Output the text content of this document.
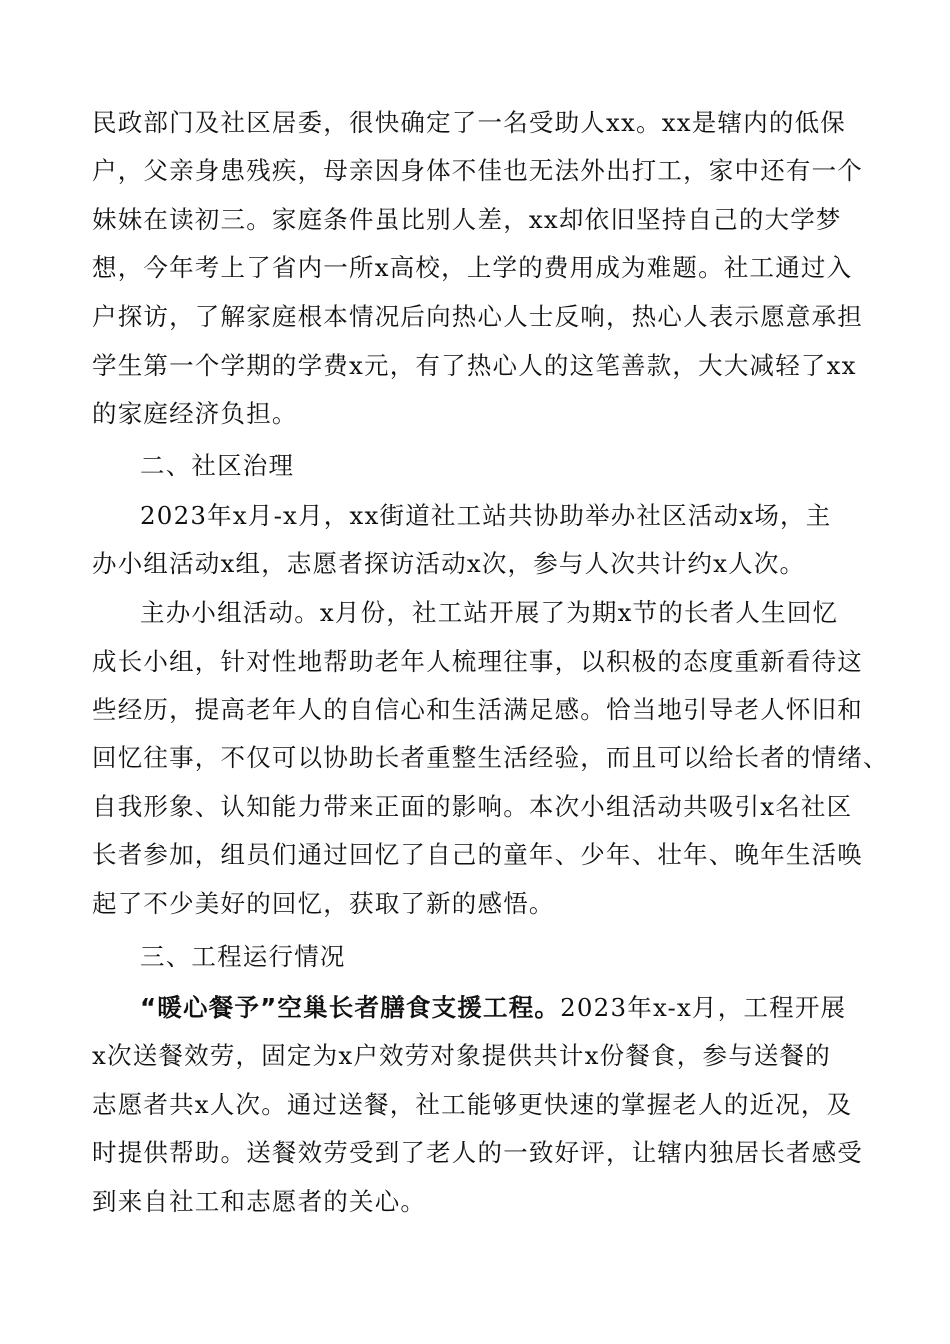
民政部门及社区居委，很快确定了一名受助人xx。xx是辖内的低保
户，父亲身患残疾，母亲因身体不佳也无法外出打工，家中还有一个
妹妹在读初三。家庭条件虽比别人差，xx却依旧坚持自己的大学梦
想，今年考上了省内一所x高校，上学的费用成为难题。社工通过入
户探访，了解家庭根本情况后向热心人士反响，热心人表示愿意承担
学生第一个学期的学费x元，有了热心人的这笔善款，大大减轻了xx
的家庭经济负担。
二、社区治理
2023年x月-x月，xx街道社工站共协助举办社区活动x场，主
办小组活动x组，志愿者探访活动x次，参与人次共计约x人次。
主办小组活动。x月份，社工站开展了为期x节的长者人生回忆
成长小组，针对性地帮助老年人梳理往事，以积极的态度重新看待这
些经历，提高老年人的自信心和生活满足感。恰当地引导老人怀旧和
回忆往事，不仅可以协助长者重整生活经验，而且可以给长者的情绪、
自我形象、认知能力带来正面的影响。本次小组活动共吸引x名社区
长者参加，组员们通过回忆了自己的童年、少年、壮年、晚年生活唤
起了不少美好的回忆，获取了新的感悟。
三、工程运行情况
“暖心餐予”空巢长者膳食支援工程。2023年x-x月，工程开展
x次送餐效劳，固定为x户效劳对象提供共计x份餐食，参与送餐的
志愿者共x人次。通过送餐，社工能够更快速的掌握老人的近况，及
时提供帮助。送餐效劳受到了老人的一致好评，让辖内独居长者感受
到来自社工和志愿者的关心。
